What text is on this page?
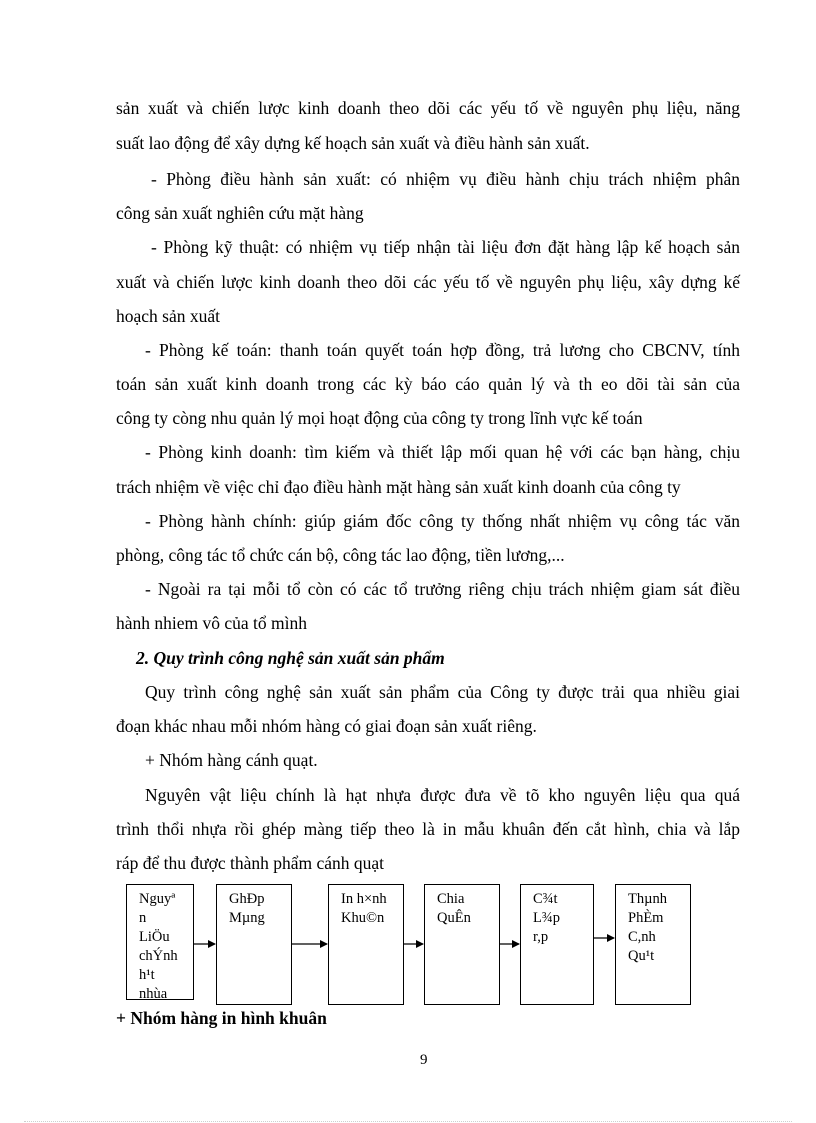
sản xuất và chiến lược kinh doanh theo dõi các yếu tố về nguyên phụ liệu, năng
suất lao động để xây dựng kế hoạch sản xuất và điều hành sản xuất.
- Phòng điều hành sản xuất: có nhiệm vụ điều hành chịu trách nhiệm phân
công sản xuất nghiên cứu mặt hàng
- Phòng kỹ thuật: có nhiệm vụ tiếp nhận tài liệu đơn đặt hàng lập kế hoạch sản
xuất và chiến lược kinh doanh theo dõi các yếu tố về nguyên phụ liệu, xây dựng kế
hoạch sản xuất
- Phòng kế toán: thanh toán quyết toán hợp đồng, trả lương cho CBCNV, tính
toán sản xuất kinh doanh trong các kỳ báo cáo quản lý và th eo dõi tài sản của
công ty còng nhu quản lý mọi hoạt động của công ty trong lĩnh vực kế toán
- Phòng kinh doanh: tìm kiếm và thiết lập mối quan hệ với các bạn hàng, chịu
trách nhiệm về việc chỉ đạo điều hành mặt hàng sản xuất kinh doanh của công ty
- Phòng hành chính: giúp giám đốc công ty thống nhất nhiệm vụ công tác văn
phòng, công tác tổ chức cán bộ, công tác lao động, tiền lương,...
- Ngoài ra tại mỗi tổ còn có các tổ trưởng riêng chịu trách nhiệm giam sát điều
hành nhiem vô của tổ mình
2. Quy trình công nghệ sản xuất sản phẩm
Quy trình công nghệ sản xuất sản phẩm của Công ty được trải qua nhiều giai
đoạn khác nhau mỗi nhóm hàng có giai đoạn sản xuất riêng.
+ Nhóm hàng cánh quạt.
Nguyên vật liệu chính là hạt nhựa được đưa về tõ kho nguyên liệu qua quá
trình thổi nhựa rồi ghép màng tiếp theo là in mẫu khuân đến cắt hình, chia và lắp
ráp để thu được thành phẩm cánh quạt
Nguyª
n
LiÖu
chÝnh
h¹t
nhùa
GhÐp
Mµng
In h×nh
Khu©n
Chia
QuÊn
C¾t
L¾p
r,p
Thµnh
PhÈm
C,nh
Qu¹t
+ Nhóm hàng in hình khuân
9
